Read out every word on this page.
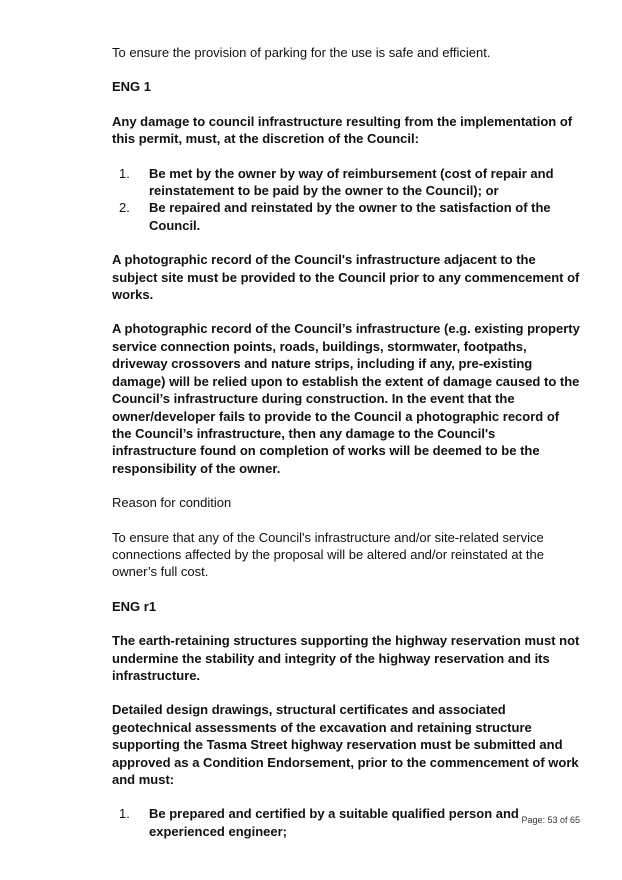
To ensure the provision of parking for the use is safe and efficient.

ENG 1

Any damage to council infrastructure resulting from the implementation of this permit, must, at the discretion of the Council:

1. Be met by the owner by way of reimbursement (cost of repair and reinstatement to be paid by the owner to the Council); or
2. Be repaired and reinstated by the owner to the satisfaction of the Council.

A photographic record of the Council's infrastructure adjacent to the subject site must be provided to the Council prior to any commencement of works.

A photographic record of the Council’s infrastructure (e.g. existing property service connection points, roads, buildings, stormwater, footpaths, driveway crossovers and nature strips, including if any, pre-existing damage) will be relied upon to establish the extent of damage caused to the Council’s infrastructure during construction. In the event that the owner/developer fails to provide to the Council a photographic record of the Council’s infrastructure, then any damage to the Council's infrastructure found on completion of works will be deemed to be the responsibility of the owner.

Reason for condition

To ensure that any of the Council's infrastructure and/or site-related service connections affected by the proposal will be altered and/or reinstated at the owner’s full cost.

ENG r1

The earth-retaining structures supporting the highway reservation must not undermine the stability and integrity of the highway reservation and its infrastructure.

Detailed design drawings, structural certificates and associated geotechnical assessments of the excavation and retaining structure supporting the Tasma Street highway reservation must be submitted and approved as a Condition Endorsement, prior to the commencement of work and must:

1. Be prepared and certified by a suitable qualified person and experienced engineer;
Page: 53 of 65
